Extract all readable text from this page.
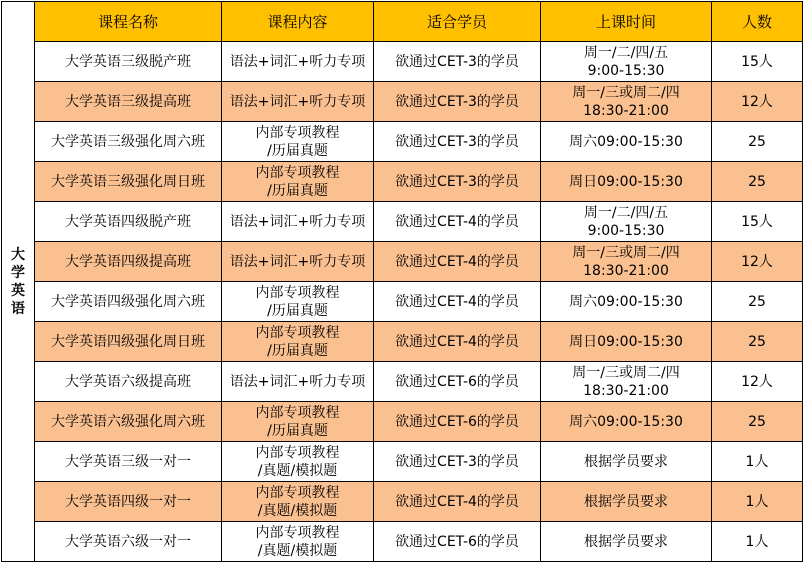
大学英语	课程名称	课程内容	适合学员	上课时间	人数

	大学英语三级脱产班	语法+词汇+听力专项	欲通过CET-3的学员	周一/二/四/五
9:00-15:30	15人

	大学英语三级提高班	语法+词汇+听力专项	欲通过CET-3的学员	周一/三或周二/四
18:30-21:00	12人

	大学英语三级强化周六班	内部专项教程
/历届真题	欲通过CET-3的学员	周六09:00-15:30	25

	大学英语三级强化周日班	内部专项教程
/历届真题	欲通过CET-3的学员	周日09:00-15:30	25

	大学英语四级脱产班	语法+词汇+听力专项	欲通过CET-4的学员	周一/二/四/五
9:00-15:30	15人

	大学英语四级提高班	语法+词汇+听力专项	欲通过CET-4的学员	周一/三或周二/四
18:30-21:00	12人

	大学英语四级强化周六班	内部专项教程
/历届真题	欲通过CET-4的学员	周六09:00-15:30	25

	大学英语四级强化周日班	内部专项教程
/历届真题	欲通过CET-4的学员	周日09:00-15:30	25

	大学英语六级提高班	语法+词汇+听力专项	欲通过CET-6的学员	周一/三或周二/四
18:30-21:00	12人

	大学英语六级强化周六班	内部专项教程
/历届真题	欲通过CET-6的学员	周六09:00-15:30	25

	大学英语三级一对一	内部专项教程
/真题/模拟题	欲通过CET-3的学员	根据学员要求	1人

	大学英语四级一对一	内部专项教程
/真题/模拟题	欲通过CET-4的学员	根据学员要求	1人

	大学英语六级一对一	内部专项教程
/真题/模拟题	欲通过CET-6的学员	根据学员要求	1人
